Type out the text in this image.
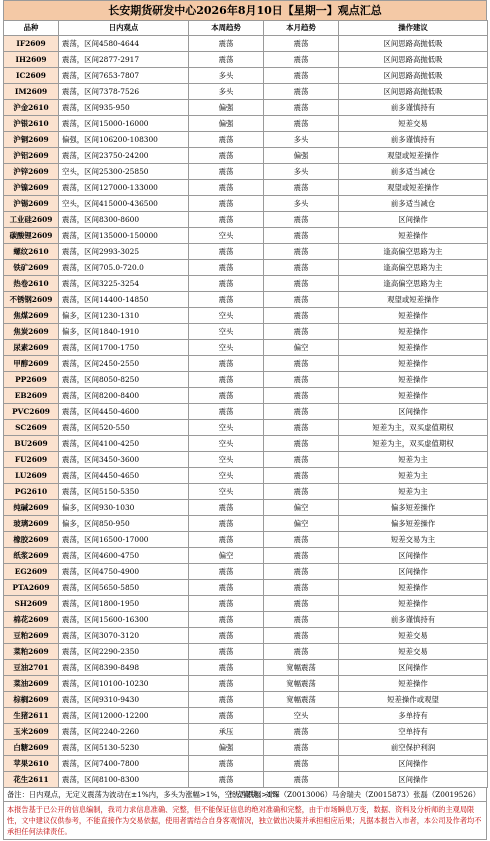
长安期货研发中心2026年8月10日【星期一】观点汇总
品种	日内观点	本周趋势	本月趋势	操作建议
IF2609	震荡，区间4580-4644	震荡	震荡	区间思路高抛低吸
IH2609	震荡，区间2877-2917	震荡	震荡	区间思路高抛低吸
IC2609	震荡，区间7653-7807	多头	震荡	区间思路高抛低吸
IM2609	震荡，区间7378-7526	多头	震荡	区间思路高抛低吸
沪金2610	震荡，区间935-950	偏强	震荡	前多谨慎持有
沪银2610	震荡，区间15000-16000	偏强	震荡	短差交易
沪铜2609	偏强，区间106200-108300	震荡	多头	前多谨慎持有
沪铝2609	震荡，区间23750-24200	震荡	偏强	观望或短差操作
沪锌2609	空头，区间25300-25850	震荡	多头	前多适当减仓
沪镍2609	震荡，区间127000-133000	震荡	震荡	观望或短差操作
沪锡2609	空头，区间415000-436500	震荡	多头	前多适当减仓
工业硅2609	震荡，区间8300-8600	震荡	震荡	区间操作
碳酸锂2609	震荡，区间135000-150000	空头	震荡	短差操作
螺纹2610	震荡，区间2993-3025	震荡	震荡	逢高偏空思路为主
铁矿2609	震荡，区间705.0-720.0	震荡	震荡	逢高偏空思路为主
热卷2610	震荡，区间3225-3254	震荡	震荡	逢高偏空思路为主
不锈钢2609	震荡，区间14400-14850	震荡	震荡	观望或短差操作
焦煤2609	偏多，区间1230-1310	空头	震荡	短差操作
焦炭2609	偏多，区间1840-1910	空头	震荡	短差操作
尿素2609	震荡，区间1700-1750	空头	偏空	短差操作
甲醇2609	震荡，区间2450-2550	震荡	震荡	短差操作
PP2609	震荡，区间8050-8250	震荡	震荡	短差操作
EB2609	震荡，区间8200-8400	震荡	震荡	短差操作
PVC2609	震荡，区间4450-4600	震荡	震荡	区间操作
SC2609	震荡，区间520-550	空头	震荡	短差为主，双买虚值期权
BU2609	震荡，区间4100-4250	空头	震荡	短差为主，双买虚值期权
FU2609	震荡，区间3450-3600	空头	震荡	短差为主
LU2609	震荡，区间4450-4650	空头	震荡	短差为主
PG2610	震荡，区间5150-5350	空头	震荡	短差为主
纯碱2609	偏多，区间930-1030	震荡	偏空	偏多短差操作
玻璃2609	偏多，区间850-950	震荡	偏空	偏多短差操作
橡胶2609	震荡，区间16500-17000	震荡	震荡	短差交易为主
纸浆2609	震荡，区间4600-4750	偏空	震荡	区间操作
EG2609	震荡，区间4750-4900	震荡	震荡	区间操作
PTA2609	震荡，区间5650-5850	震荡	震荡	短差操作
SH2609	震荡，区间1800-1950	震荡	震荡	短差操作
棉花2609	震荡，区间15600-16300	震荡	震荡	前多谨慎持有
豆粕2609	震荡，区间3070-3120	震荡	震荡	短差交易
菜粕2609	震荡，区间2290-2350	震荡	震荡	短差交易
豆油2701	震荡，区间8390-8498	震荡	宽幅震荡	区间操作
菜油2609	震荡，区间10100-10230	震荡	宽幅震荡	短差操作
棕榈2609	震荡，区间9310-9430	震荡	宽幅震荡	短差操作或观望
生猪2611	震荡，区间12000-12200	震荡	空头	多单持有
玉米2609	震荡，区间2240-2260	承压	震荡	空单持有
白糖2609	震荡，区间5130-5230	偏强	震荡	前空保护利润
苹果2610	震荡，区间7400-7800	震荡	震荡	区间操作
花生2611	震荡，区间8100-8300	震荡	震荡	区间操作
备注：日内观点，无定义震荡为波动在±1%内，多头为涨幅>1%，空头为跌幅>1%
长安期货：刘琛（Z0013006）马舍瑞夫（Z0015873）张磊（Z0019526）
本报告基于已公开的信息编制，我司力求信息准确、完整，但不能保证信息的绝对准确和完整，由于市场瞬息万变，数据、资料及分析师的主观局限性，文中建议仅供参考，不能直接作为交易依据，使用者需结合自身客观情况，独立做出决策并承担相应后果；凡据本报告入市者，本公司及作者均不承担任何法律责任。
